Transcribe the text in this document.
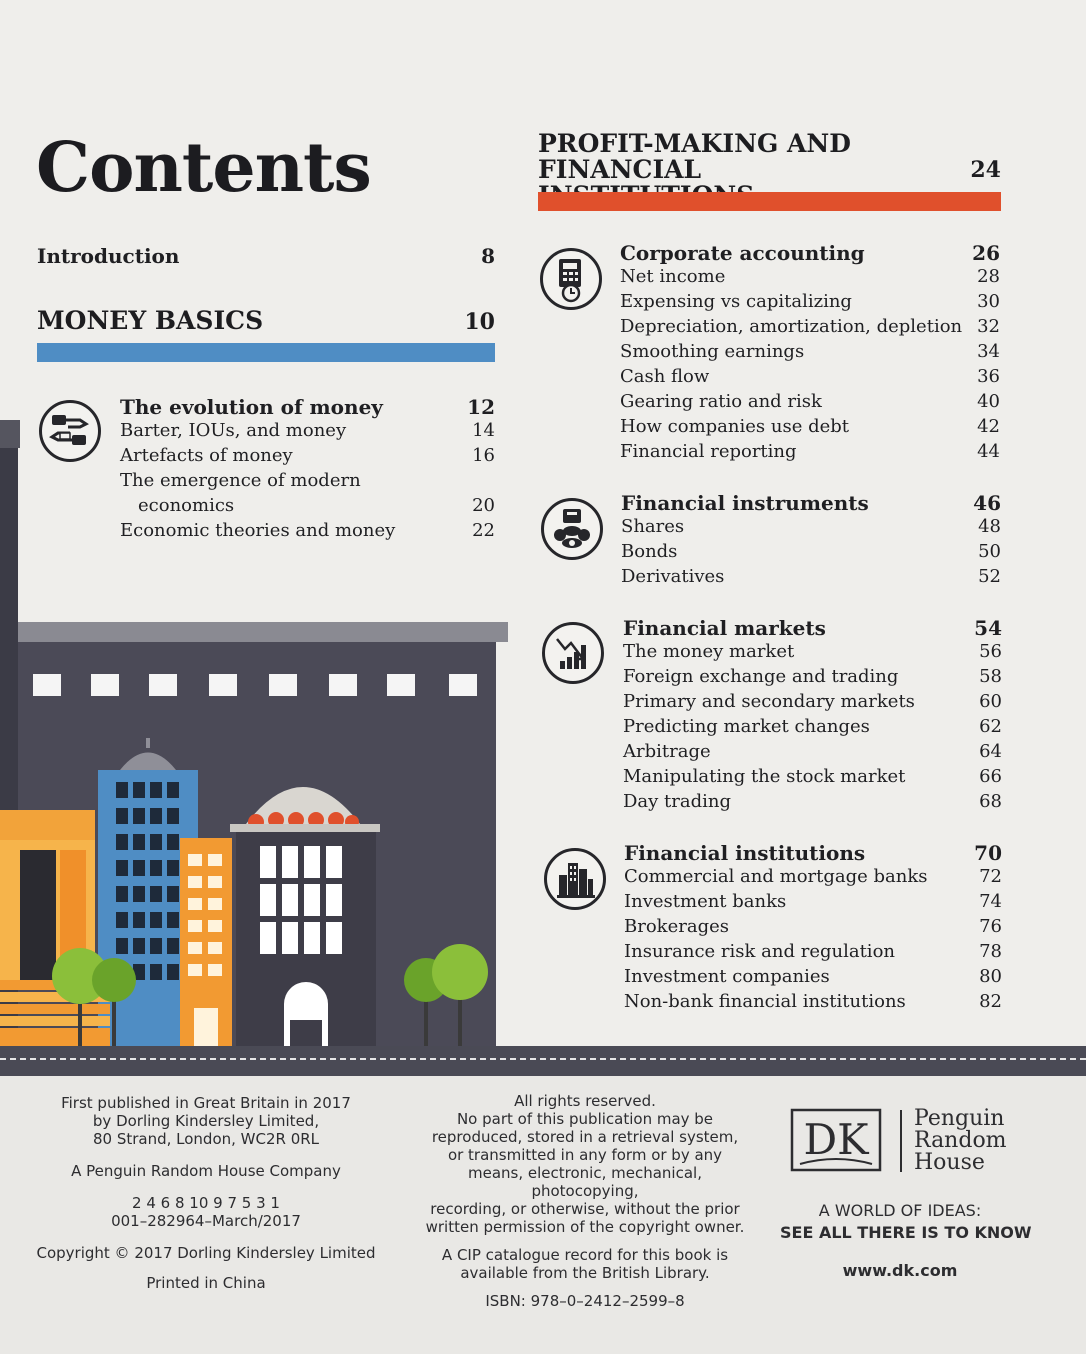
Contents
Introduction	8
MONEY BASICS	10
PROFIT-MAKING AND FINANCIAL	24
The evolution of money	12
Barter, IOUs, and money	14
Artefacts of money	16
The emergence of modern
economics	20
Economic theories and money	22
Corporate accounting	26
Net income	28
Expensing vs capitalizing	30
Depreciation, amortization, depletion 32
Smoothing earnings	34
Cash flow	36
Gearing ratio and risk	40
How companies use debt	42
Financial reporting	44
Financial instruments	46
Shares	48
Bonds	50
Derivatives	52
Financial markets	54
The money market	56
Foreign exchange and trading	58
Primary and secondary markets	60
Predicting market changes	62
Arbitrage	64
Manipulating the stock market	66
Day trading	68
Financial institutions	70
Commercial and mortgage banks	72
Investment banks	74
Brokerages	76
Insurance risk and regulation	78
Investment companies	80
Non-bank financial institutions	82
First published in Great Britain in 2017
by Dorling Kindersley Limited,
80 Strand, London, WC2R 0RL
A Penguin Random House Company
2 4 6 8 10 9 7 5 3 1
001–282964–March/2017
Copyright © 2017 Dorling Kindersley Limited
Printed in China
All rights reserved.
No part of this publication may be
reproduced, stored in a retrieval system,
or transmitted in any form or by any
means, electronic, mechanical,
photocopying,
recording, or otherwise, without the prior
written permission of the copyright owner.
A CIP catalogue record for this book is
available from the British Library.
ISBN: 978–0–2412–2599–8
DK Penguin
Random
House
A WORLD OF IDEAS:
SEE ALL THERE IS TO KNOW
www.dk.com
